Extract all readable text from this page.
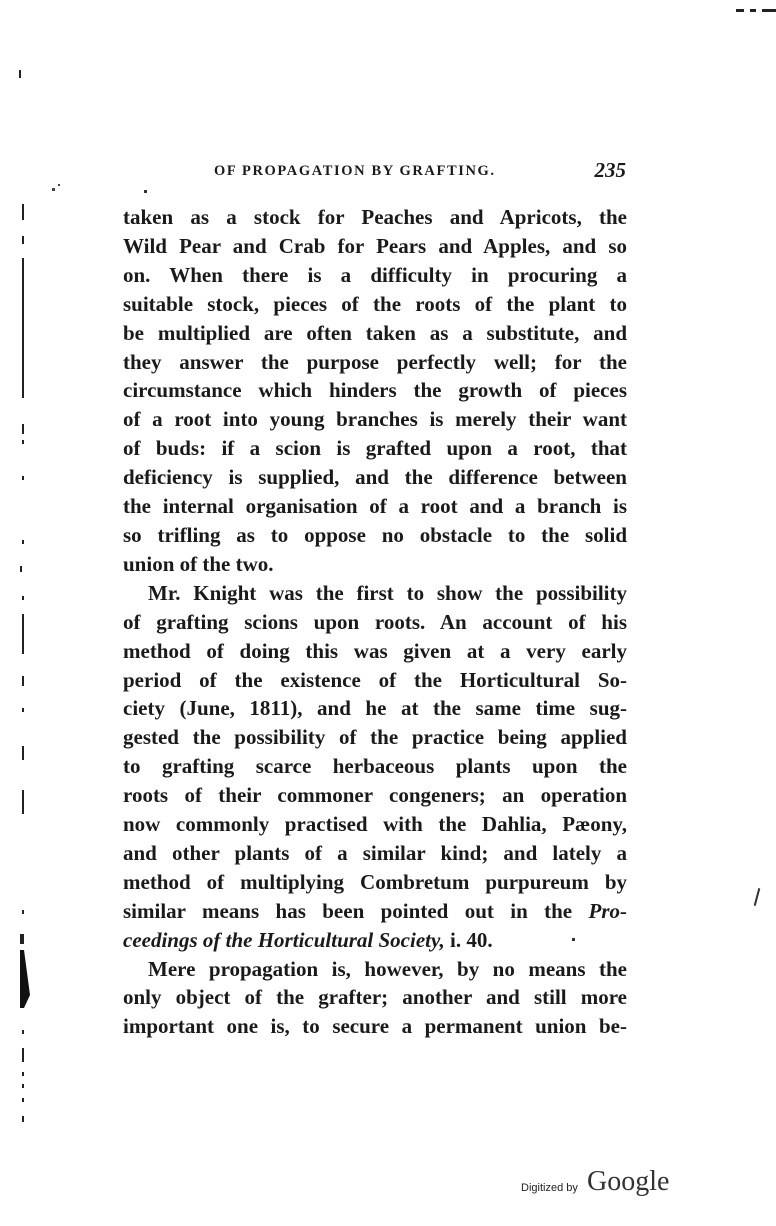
OF PROPAGATION BY GRAFTING.	235
taken as a stock for Peaches and Apricots, the
Wild Pear and Crab for Pears and Apples, and so
on. When there is a difficulty in procuring a
suitable stock, pieces of the roots of the plant to
be multiplied are often taken as a substitute, and
they answer the purpose perfectly well; for the
circumstance which hinders the growth of pieces
of a root into young branches is merely their want
of buds: if a scion is grafted upon a root, that
deficiency is supplied, and the difference between
the internal organisation of a root and a branch is
so trifling as to oppose no obstacle to the solid
union of the two.
Mr. Knight was the first to show the possibility
of grafting scions upon roots. An account of his
method of doing this was given at a very early
period of the existence of the Horticultural So-
ciety (June, 1811), and he at the same time sug-
gested the possibility of the practice being applied
to grafting scarce herbaceous plants upon the
roots of their commoner congeners; an operation
now commonly practised with the Dahlia, Pæony,
and other plants of a similar kind; and lately a
method of multiplying Combretum purpureum by
similar means has been pointed out in the Pro-
ceedings of the Horticultural Society, i. 40.
Mere propagation is, however, by no means the
only object of the grafter; another and still more
important one is, to secure a permanent union be-
Digitized by Google
